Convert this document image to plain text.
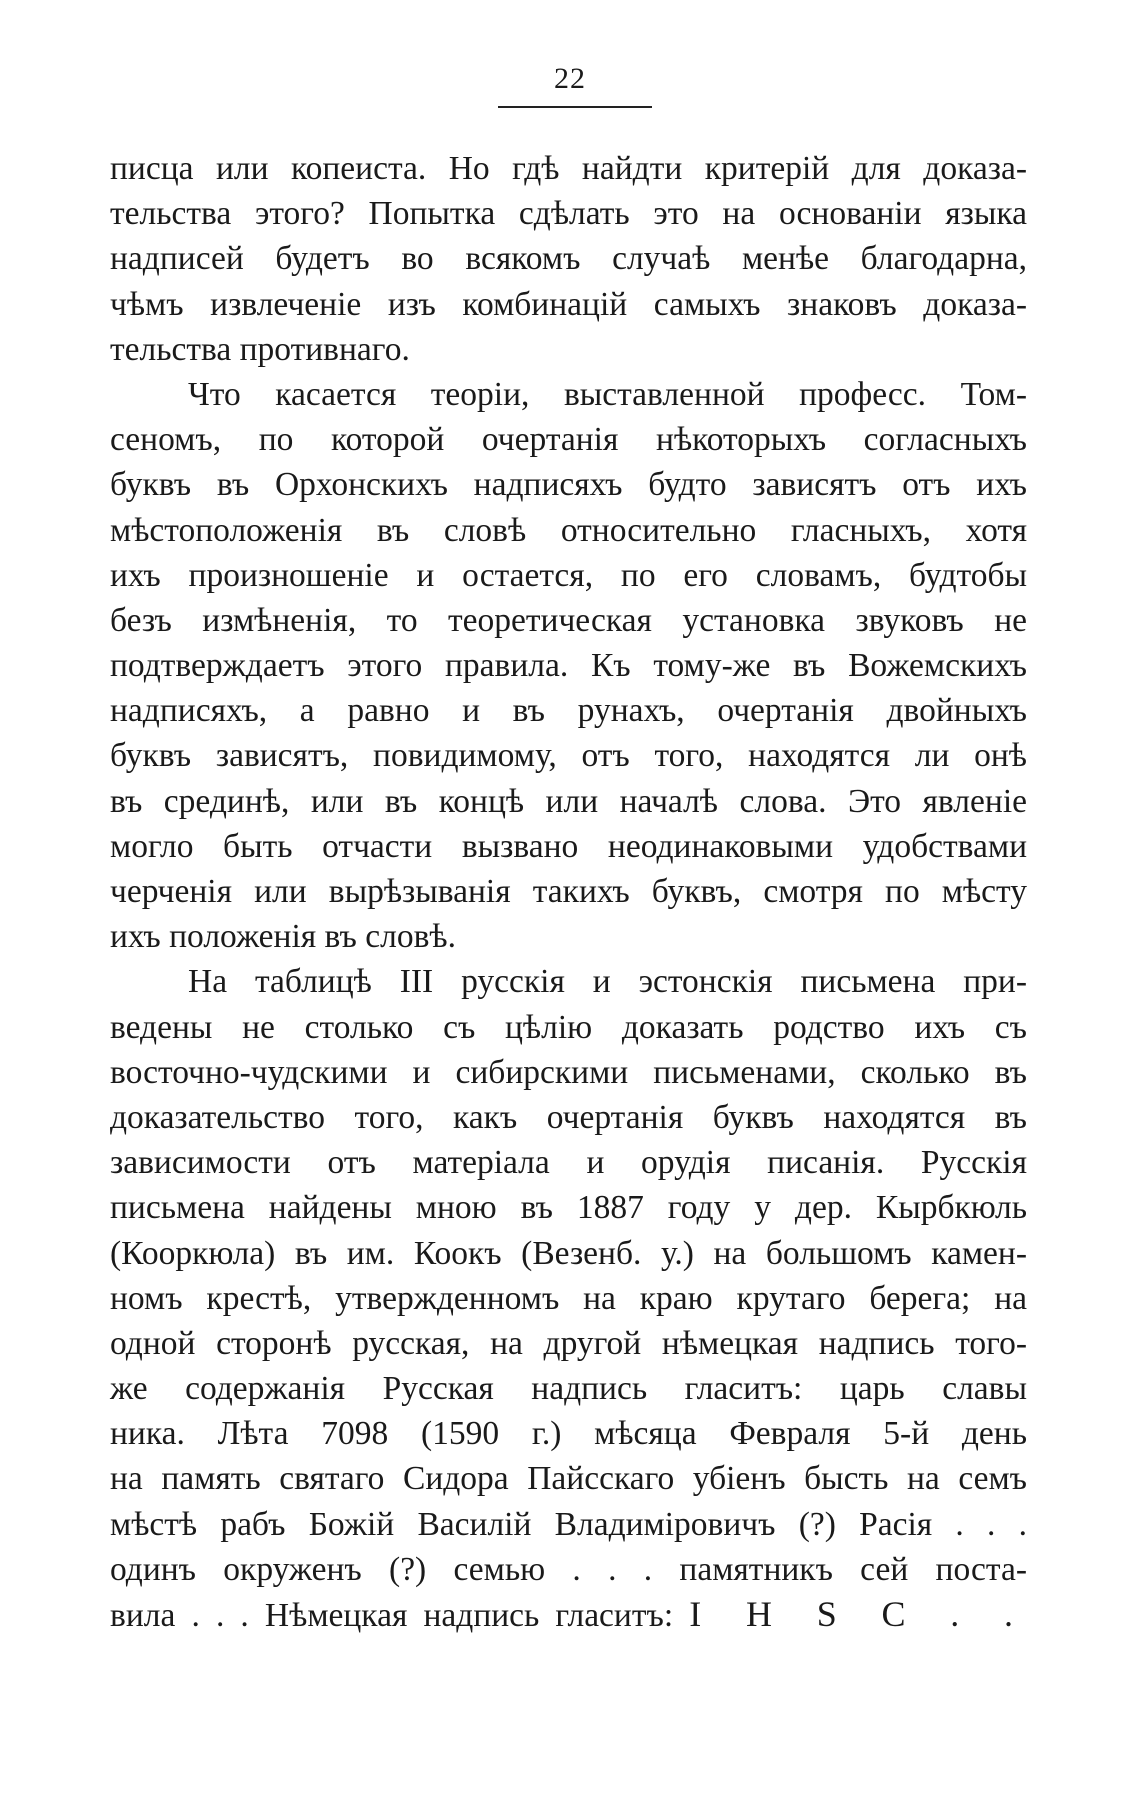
22
писца или копеиста. Но гдѣ найдти критерій для доказа-
тельства этого? Попытка сдѣлать это на основаніи языка
надписей будетъ во всякомъ случаѣ менѣе благодарна,
чѣмъ извлеченіе изъ комбинацій самыхъ знаковъ доказа-
тельства противнаго.
Что касается теоріи, выставленной професс. Том-
сеномъ, по которой очертанія нѣкоторыхъ согласныхъ
буквъ въ Орхонскихъ надписяхъ будто зависятъ отъ ихъ
мѣстоположенія въ словѣ относительно гласныхъ, хотя
ихъ произношеніе и остается, по его словамъ, будтобы
безъ измѣненія, то теоретическая установка звуковъ не
подтверждаетъ этого правила. Къ тому-же въ Вожемскихъ
надписяхъ, а равно и въ рунахъ, очертанія двойныхъ
буквъ зависятъ, повидимому, отъ того, находятся ли онѣ
въ срединѣ, или въ концѣ или началѣ слова. Это явленіе
могло быть отчасти вызвано неодинаковыми удобствами
черченія или вырѣзыванія такихъ буквъ, смотря по мѣсту
ихъ положенія въ словѣ.
На таблицѣ III русскія и эстонскія письмена при-
ведены не столько съ цѣлію доказать родство ихъ съ
восточно-чудскими и сибирскими письменами, сколько въ
доказательство того, какъ очертанія буквъ находятся въ
зависимости отъ матеріала и орудія писанія. Русскія
письмена найдены мною въ 1887 году у дер. Кырбкюль
(Кооркюла) въ им. Коокъ (Везенб. у.) на большомъ камен-
номъ крестѣ, утвержденномъ на краю крутаго берега; на
одной сторонѣ русская, на другой нѣмецкая надпись того-
же содержанія Русская надпись гласитъ: царь славы
ника. Лѣта 7098 (1590 г.) мѣсяца Февраля 5-й день
на память святаго Сидора Пайсскаго убіенъ бысть на семъ
мѣстѣ рабъ Божій Василій Владиміровичъ (?) Расія . . .
одинъ окруженъ (?) семью . . . памятникъ сей поста-
вила . . . Нѣмецкая надпись гласитъ: I H S C . .
